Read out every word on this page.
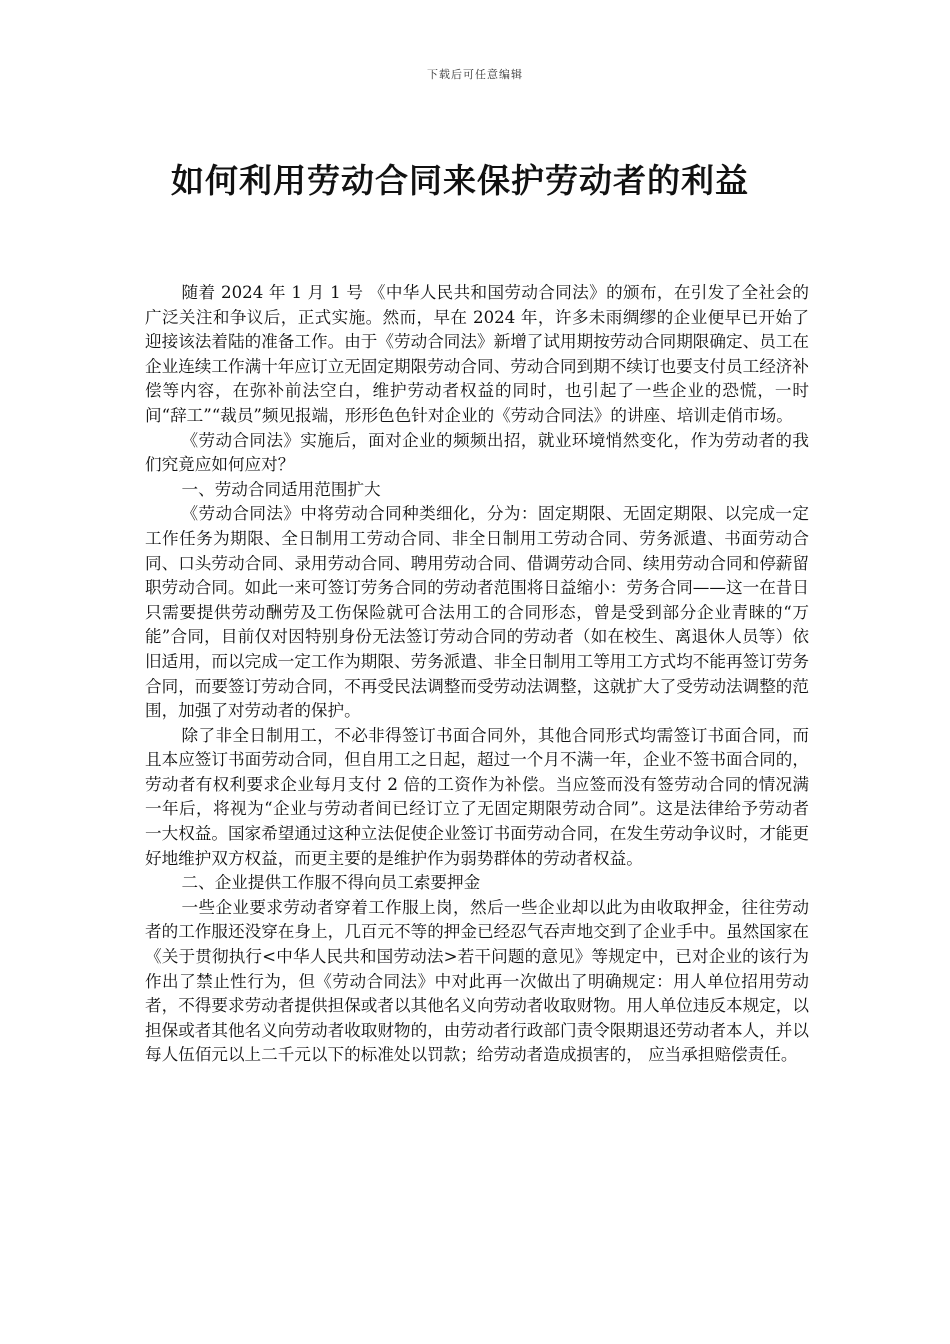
下载后可任意编辑
如何利用劳动合同来保护劳动者的利益

随着 2024 年 1 月 1 号 《中华人民共和国劳动合同法》的颁布，在引发了全社会的广泛关注和争议后，正式实施。然而，早在 2024 年，许多未雨绸缪的企业便早已开始了迎接该法着陆的准备工作。由于《劳动合同法》新增了试用期按劳动合同期限确定、员工在企业连续工作满十年应订立无固定期限劳动合同、劳动合同到期不续订也要支付员工经济补偿等内容，在弥补前法空白，维护劳动者权益的同时，也引起了一些企业的恐慌，一时间“辞工”“裁员”频见报端，形形色色针对企业的《劳动合同法》的讲座、培训走俏市场。

《劳动合同法》实施后，面对企业的频频出招，就业环境悄然变化，作为劳动者的我们究竟应如何应对？

一、劳动合同适用范围扩大

《劳动合同法》中将劳动合同种类细化，分为：固定期限、无固定期限、以完成一定工作任务为期限、全日制用工劳动合同、非全日制用工劳动合同、劳务派遣、书面劳动合同、口头劳动合同、录用劳动合同、聘用劳动合同、借调劳动合同、续用劳动合同和停薪留职劳动合同。如此一来可签订劳务合同的劳动者范围将日益缩小：劳务合同——这一在昔日只需要提供劳动酬劳及工伤保险就可合法用工的合同形态，曾是受到部分企业青睐的“万能”合同，目前仅对因特别身份无法签订劳动合同的劳动者（如在校生、离退休人员等）依旧适用，而以完成一定工作为期限、劳务派遣、非全日制用工等用工方式均不能再签订劳务合同，而要签订劳动合同，不再受民法调整而受劳动法调整，这就扩大了受劳动法调整的范围，加强了对劳动者的保护。

除了非全日制用工，不必非得签订书面合同外，其他合同形式均需签订书面合同，而且本应签订书面劳动合同，但自用工之日起，超过一个月不满一年，企业不签书面合同的，劳动者有权利要求企业每月支付 2 倍的工资作为补偿。当应签而没有签劳动合同的情况满一年后，将视为“企业与劳动者间已经订立了无固定期限劳动合同”。这是法律给予劳动者一大权益。国家希望通过这种立法促使企业签订书面劳动合同，在发生劳动争议时，才能更好地维护双方权益，而更主要的是维护作为弱势群体的劳动者权益。

二、企业提供工作服不得向员工索要押金

一些企业要求劳动者穿着工作服上岗，然后一些企业却以此为由收取押金，往往劳动者的工作服还没穿在身上，几百元不等的押金已经忍气吞声地交到了企业手中。虽然国家在《关于贯彻执行<中华人民共和国劳动法>若干问题的意见》等规定中，已对企业的该行为作出了禁止性行为，但《劳动合同法》中对此再一次做出了明确规定：用人单位招用劳动者，不得要求劳动者提供担保或者以其他名义向劳动者收取财物。用人单位违反本规定，以担保或者其他名义向劳动者收取财物的，由劳动者行政部门责令限期退还劳动者本人，并以每人伍佰元以上二千元以下的标准处以罚款；给劳动者造成损害的， 应当承担赔偿责任。
